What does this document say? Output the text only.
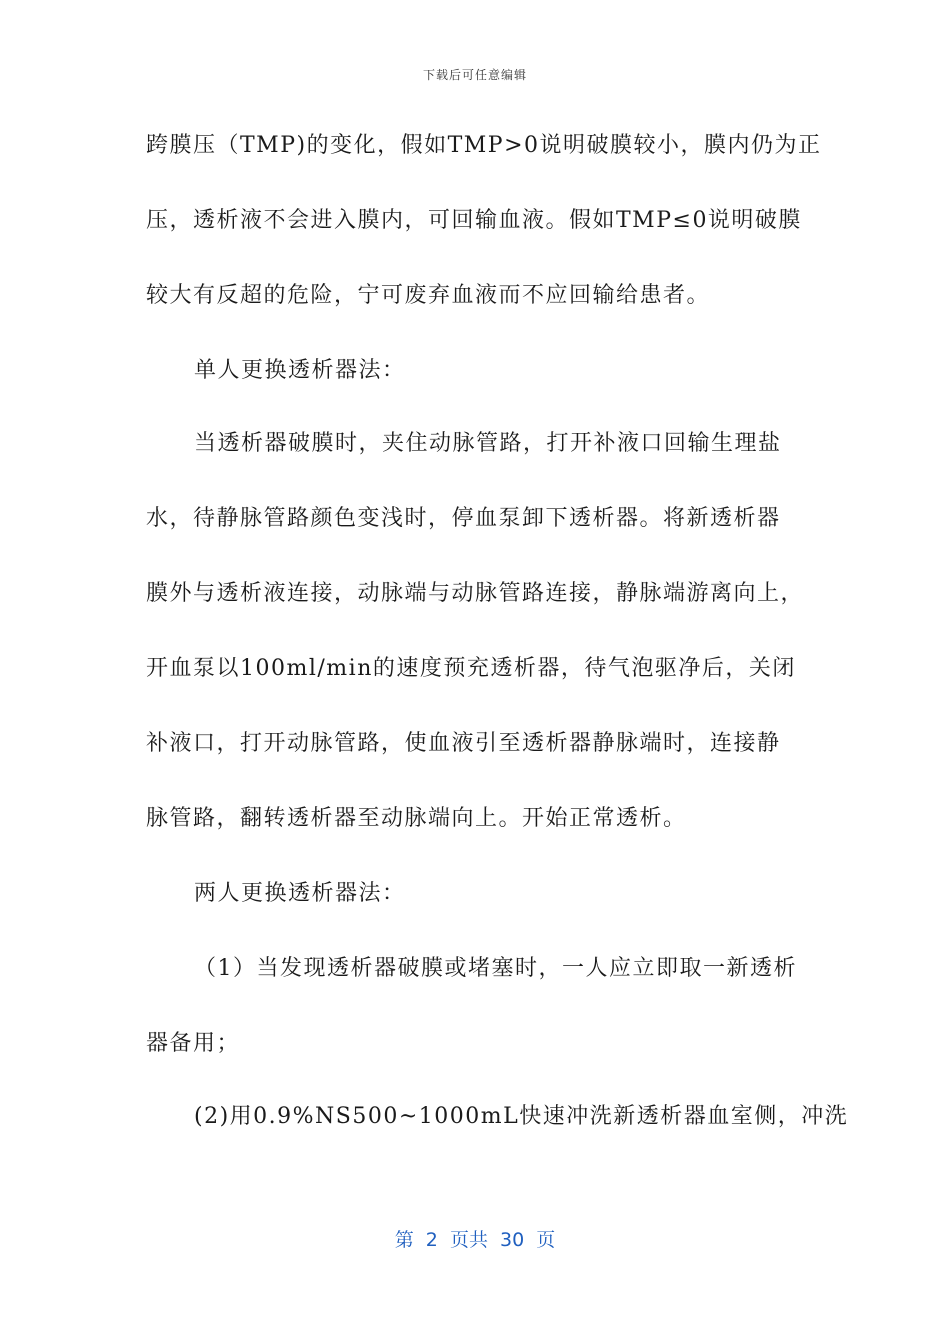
下载后可任意编辑
跨膜压（TMP)的变化，假如TMP>0说明破膜较小，膜内仍为正
压，透析液不会进入膜内，可回输血液。假如TMP≤0说明破膜
较大有反超的危险，宁可废弃血液而不应回输给患者。
单人更换透析器法：
当透析器破膜时，夹住动脉管路，打开补液口回输生理盐
水，待静脉管路颜色变浅时，停血泵卸下透析器。将新透析器
膜外与透析液连接，动脉端与动脉管路连接，静脉端游离向上，
开血泵以100ml/min的速度预充透析器，待气泡驱净后，关闭
补液口，打开动脉管路，使血液引至透析器静脉端时，连接静
脉管路，翻转透析器至动脉端向上。开始正常透析。
两人更换透析器法：
（1）当发现透析器破膜或堵塞时，一人应立即取一新透析
器备用；
(2)用0.9%NS500~1000mL快速冲洗新透析器血室侧，冲洗
第  2  页共  30  页
